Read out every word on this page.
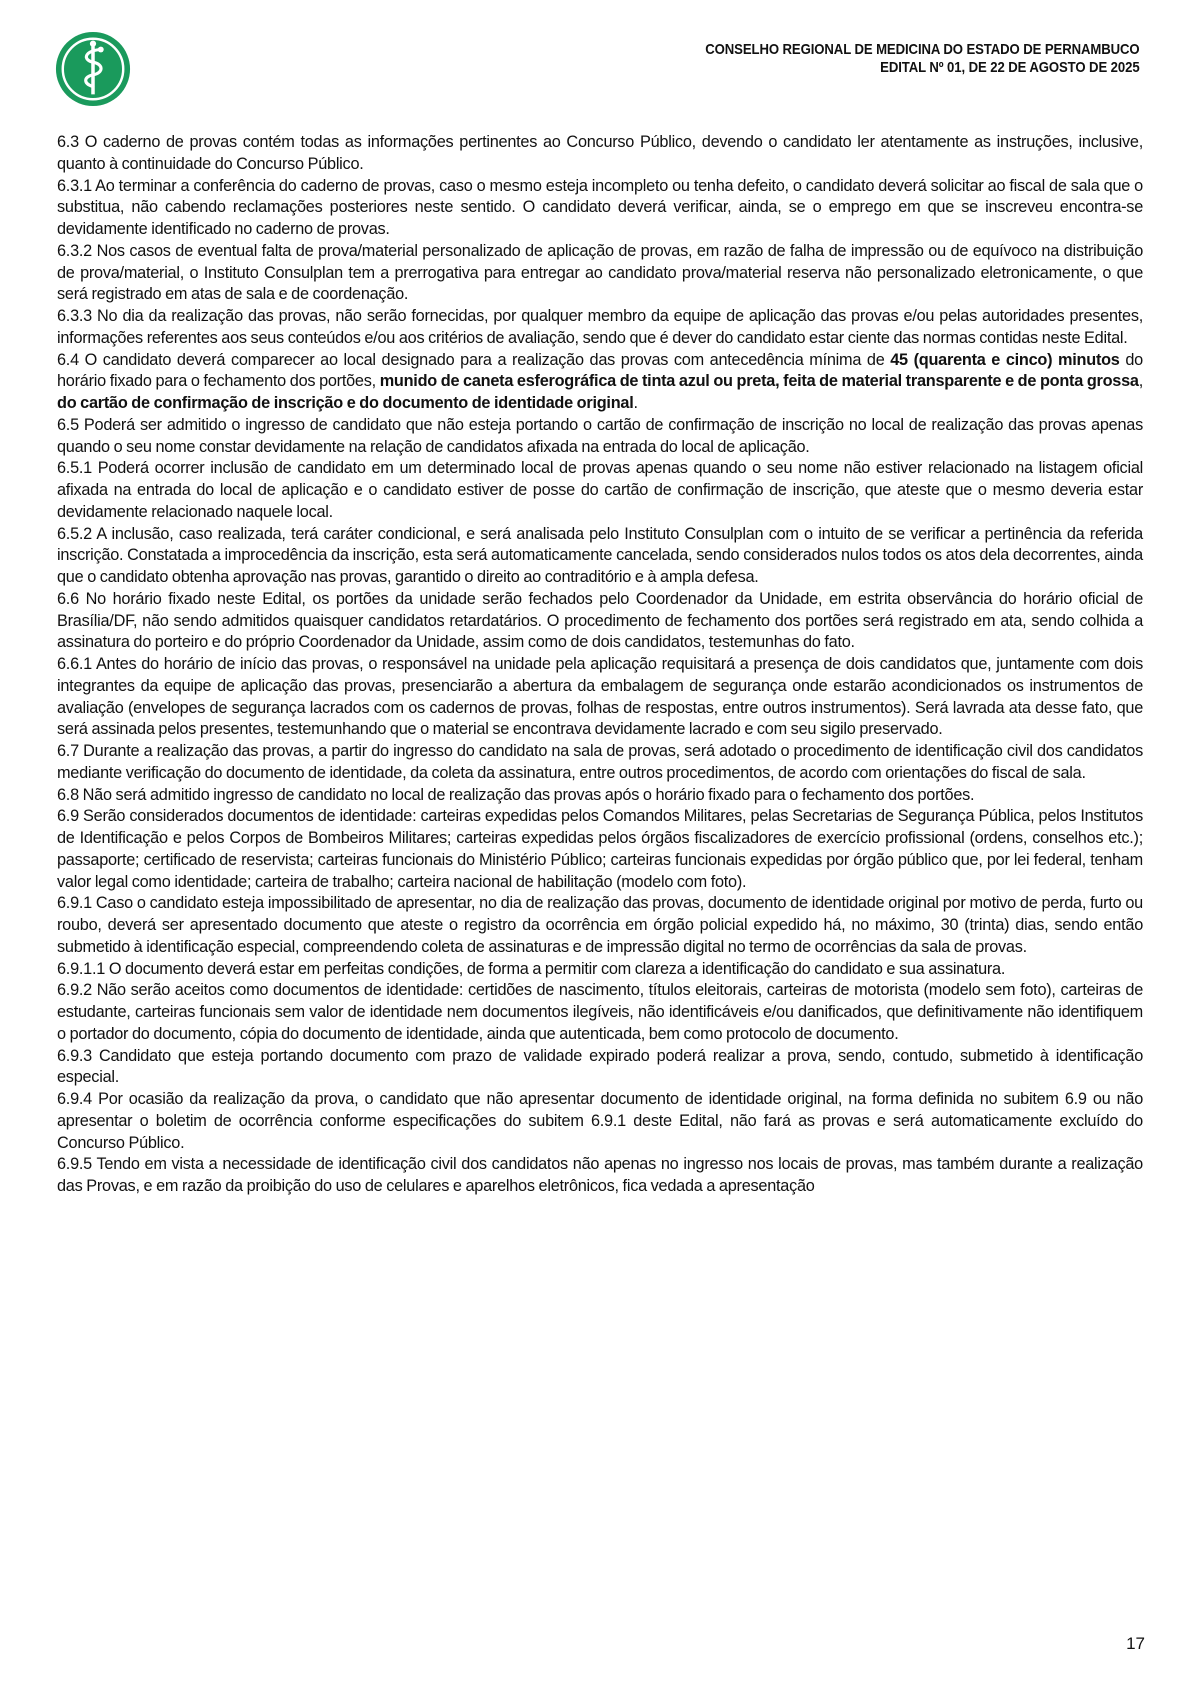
CONSELHO REGIONAL DE MEDICINA DO ESTADO DE PERNAMBUCO
EDITAL Nº 01, DE 22 DE AGOSTO DE 2025

6.3 O caderno de provas contém todas as informações pertinentes ao Concurso Público, devendo o candidato ler atentamente as instruções, inclusive, quanto à continuidade do Concurso Público.

6.3.1 Ao terminar a conferência do caderno de provas, caso o mesmo esteja incompleto ou tenha defeito, o candidato deverá solicitar ao fiscal de sala que o substitua, não cabendo reclamações posteriores neste sentido. O candidato deverá verificar, ainda, se o emprego em que se inscreveu encontra-se devidamente identificado no caderno de provas.

6.3.2 Nos casos de eventual falta de prova/material personalizado de aplicação de provas, em razão de falha de impressão ou de equívoco na distribuição de prova/material, o Instituto Consulplan tem a prerrogativa para entregar ao candidato prova/material reserva não personalizado eletronicamente, o que será registrado em atas de sala e de coordenação.

6.3.3 No dia da realização das provas, não serão fornecidas, por qualquer membro da equipe de aplicação das provas e/ou pelas autoridades presentes, informações referentes aos seus conteúdos e/ou aos critérios de avaliação, sendo que é dever do candidato estar ciente das normas contidas neste Edital.

6.4 O candidato deverá comparecer ao local designado para a realização das provas com antecedência mínima de 45 (quarenta e cinco) minutos do horário fixado para o fechamento dos portões, munido de caneta esferográfica de tinta azul ou preta, feita de material transparente e de ponta grossa, do cartão de confirmação de inscrição e do documento de identidade original.

6.5 Poderá ser admitido o ingresso de candidato que não esteja portando o cartão de confirmação de inscrição no local de realização das provas apenas quando o seu nome constar devidamente na relação de candidatos afixada na entrada do local de aplicação.

6.5.1 Poderá ocorrer inclusão de candidato em um determinado local de provas apenas quando o seu nome não estiver relacionado na listagem oficial afixada na entrada do local de aplicação e o candidato estiver de posse do cartão de confirmação de inscrição, que ateste que o mesmo deveria estar devidamente relacionado naquele local.

6.5.2 A inclusão, caso realizada, terá caráter condicional, e será analisada pelo Instituto Consulplan com o intuito de se verificar a pertinência da referida inscrição. Constatada a improcedência da inscrição, esta será automaticamente cancelada, sendo considerados nulos todos os atos dela decorrentes, ainda que o candidato obtenha aprovação nas provas, garantido o direito ao contraditório e à ampla defesa.

6.6 No horário fixado neste Edital, os portões da unidade serão fechados pelo Coordenador da Unidade, em estrita observância do horário oficial de Brasília/DF, não sendo admitidos quaisquer candidatos retardatários. O procedimento de fechamento dos portões será registrado em ata, sendo colhida a assinatura do porteiro e do próprio Coordenador da Unidade, assim como de dois candidatos, testemunhas do fato.

6.6.1 Antes do horário de início das provas, o responsável na unidade pela aplicação requisitará a presença de dois candidatos que, juntamente com dois integrantes da equipe de aplicação das provas, presenciarão a abertura da embalagem de segurança onde estarão acondicionados os instrumentos de avaliação (envelopes de segurança lacrados com os cadernos de provas, folhas de respostas, entre outros instrumentos). Será lavrada ata desse fato, que será assinada pelos presentes, testemunhando que o material se encontrava devidamente lacrado e com seu sigilo preservado.

6.7 Durante a realização das provas, a partir do ingresso do candidato na sala de provas, será adotado o procedimento de identificação civil dos candidatos mediante verificação do documento de identidade, da coleta da assinatura, entre outros procedimentos, de acordo com orientações do fiscal de sala.

6.8 Não será admitido ingresso de candidato no local de realização das provas após o horário fixado para o fechamento dos portões.

6.9 Serão considerados documentos de identidade: carteiras expedidas pelos Comandos Militares, pelas Secretarias de Segurança Pública, pelos Institutos de Identificação e pelos Corpos de Bombeiros Militares; carteiras expedidas pelos órgãos fiscalizadores de exercício profissional (ordens, conselhos etc.); passaporte; certificado de reservista; carteiras funcionais do Ministério Público; carteiras funcionais expedidas por órgão público que, por lei federal, tenham valor legal como identidade; carteira de trabalho; carteira nacional de habilitação (modelo com foto).

6.9.1 Caso o candidato esteja impossibilitado de apresentar, no dia de realização das provas, documento de identidade original por motivo de perda, furto ou roubo, deverá ser apresentado documento que ateste o registro da ocorrência em órgão policial expedido há, no máximo, 30 (trinta) dias, sendo então submetido à identificação especial, compreendendo coleta de assinaturas e de impressão digital no termo de ocorrências da sala de provas.

6.9.1.1 O documento deverá estar em perfeitas condições, de forma a permitir com clareza a identificação do candidato e sua assinatura.

6.9.2 Não serão aceitos como documentos de identidade: certidões de nascimento, títulos eleitorais, carteiras de motorista (modelo sem foto), carteiras de estudante, carteiras funcionais sem valor de identidade nem documentos ilegíveis, não identificáveis e/ou danificados, que definitivamente não identifiquem o portador do documento, cópia do documento de identidade, ainda que autenticada, bem como protocolo de documento.

6.9.3 Candidato que esteja portando documento com prazo de validade expirado poderá realizar a prova, sendo, contudo, submetido à identificação especial.

6.9.4 Por ocasião da realização da prova, o candidato que não apresentar documento de identidade original, na forma definida no subitem 6.9 ou não apresentar o boletim de ocorrência conforme especificações do subitem 6.9.1 deste Edital, não fará as provas e será automaticamente excluído do Concurso Público.

6.9.5 Tendo em vista a necessidade de identificação civil dos candidatos não apenas no ingresso nos locais de provas, mas também durante a realização das Provas, e em razão da proibição do uso de celulares e aparelhos eletrônicos, fica vedada a apresentação

17
